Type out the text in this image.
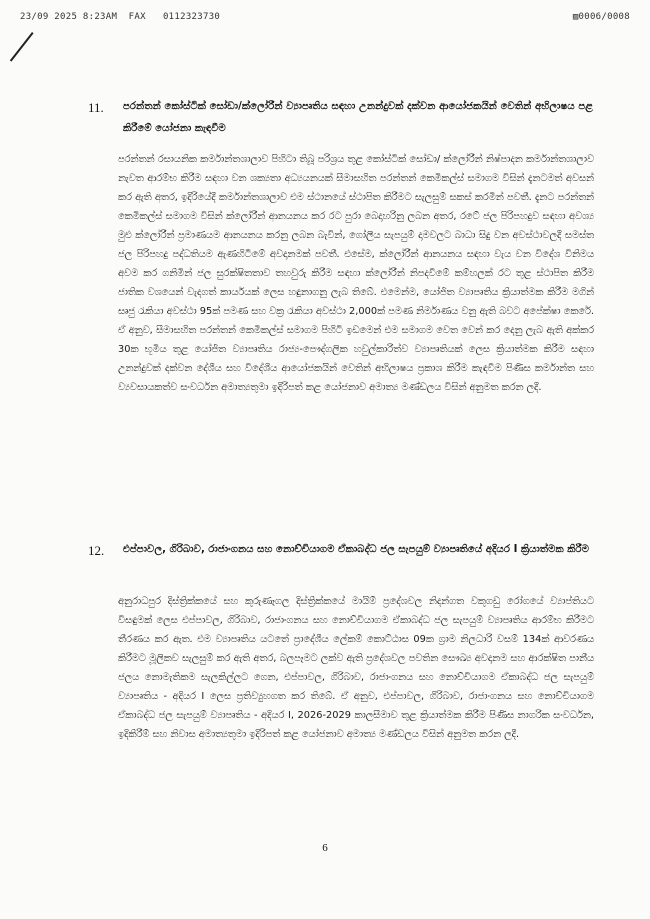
23/09 2025 8:23AM  FAX   0112323730	▨0006/0008
11. පරන්තන් කෝස්ටික් සෝඩා/ක්ලෝරීන් ව්‍යාපෘතිය සඳහා උනන්දුවක් දක්වන ආයෝජකයින් වෙතින් අභිලාෂය පළ කිරීමේ යෝජනා කැඳවීම
පරන්තන් රසායනික කර්මාන්තශාලාව පිහිටා තිබූ පරිශ්‍රය තුළ කෝස්ටික් සෝඩා/ ක්ලෝරීන් නිෂ්පාදන කර්මාන්තශාලාව නැවත ආරම්භ කිරීම සඳහා වන ශක්‍යතා අධ්‍යයනයක් සීමාසහිත පරන්තන් කෙමිකල්ස් සමාගම විසින් දැනටමත් අවසන් කර ඇති අතර, ඉදිරියේදී කර්මාන්තශාලාව එම ස්ථානයේ ස්ථාපිත කිරීමට සැලසුම් සකස් කරමින් පවතී. දැනට පරන්තන් කෙමිකල්ස් සමාගම විසින් ක්ලෝරීන් ආනයනය කර රට පුරා බෙදාහරිනු ලබන අතර, රටේ ජල පිරිපහදුව සඳහා අවශ්‍ය මුළු ක්ලෝරීන් ප්‍රමාණයම ආනයනය කරනු ලබන බැවින්, ගෝලීය සැපයුම් දාමවලට බාධා සිදු වන අවස්ථාවලදී සමස්ත ජල පිරිපහදු පද්ධතියම ඇණහිටීමේ අවදානමක් පවතී. එසේම, ක්ලෝරීන් ආනයනය සඳහා වැය වන විදේශ විනිමය අවම කර ගනිමින් ජල සුරක්ෂිතතාව තහවුරු කිරීම සඳහා ක්ලෝරීන් නිපදවීමේ කම්හලක් රට තුළ ස්ථාපිත කිරීම ජාතික වශයෙන් වැදගත් කාර්යයක් ලෙස හඳුනාගනු ලැබ තිබේ. එමෙන්ම, යෝජිත ව්‍යාපෘතිය ක්‍රියාත්මක කිරීම මගින් සෘජු රැකියා අවස්ථා 95ක් පමණ සහ වක්‍ර රැකියා අවස්ථා 2,000ක් පමණ නිර්මාණය වනු ඇති බවට අපේක්ෂා කෙරේ. ඒ අනුව, සීමාසහිත පරන්තන් කෙමිකල්ස් සමාගම පිහිටි ඉඩමෙන් එම සමාගම වෙත වෙන් කර දෙනු ලැබ ඇති අක්කර 30ක භූමිය තුළ යෝජිත ව්‍යාපෘතිය රාජ්‍ය-පෞද්ගලික හවුල්කාරිත්ව ව්‍යාපෘතියක් ලෙස ක්‍රියාත්මක කිරීම සඳහා උනන්දුවක් දක්වන දේශීය සහ විදේශීය ආයෝජකයින් වෙතින් අභිලාෂය ප්‍රකාශ කිරීම කැඳවීම පිණිස කර්මාන්ත සහ ව්‍යවසායකත්ව සංවර්ධන අමාත්‍යතුමා ඉදිරිපත් කළ යෝජනාව අමාත්‍ය මණ්ඩලය විසින් අනුමත කරන ලදී.
12. එප්පාවල, ගිරිබාව, රාජාංගනය සහ නොච්චියාගම ඒකාබද්ධ ජල සැපයුම් ව්‍යාපෘතියේ අදියර I ක්‍රියාත්මක කිරීම
අනුරාධපුර දිස්ත්‍රික්කයේ සහ කුරුණෑගල දිස්ත්‍රික්කයේ මායිම් ප්‍රදේශවල නිදන්ගත වකුගඩු රෝගයේ ව්‍යාප්තියට විසඳුමක් ලෙස එප්පාවල, ගිරිබාව, රාජාංගනය සහ නොච්චියාගම ඒකාබද්ධ ජල සැපයුම් ව්‍යාපෘතිය ආරම්භ කිරීමට තීරණය කර ඇත. එම ව්‍යාපෘතිය යටතේ ප්‍රාදේශීය ලේකම් කොට්ඨාස 09ක ග්‍රාම නිලධාරි වසම් 134ක් ආවරණය කිරීමට මූලිකව සැලසුම් කර ඇති අතර, බලපෑමට ලක්ව ඇති ප්‍රදේශවල පවතින සෞඛ්‍ය අවදානම සහ ආරක්ෂිත පානීය ජලය නොමැතිකම සැලකිල්ලට ගෙන, එප්පාවල, ගිරිබාව, රාජාංගනය සහ නොච්චියාගම ඒකාබද්ධ ජල සැපයුම් ව්‍යාපෘතිය - අදියර I ලෙස ප්‍රතිව්‍යුහගත කර තිබේ. ඒ අනුව, එප්පාවල, ගිරිබාව, රාජාංගනය සහ නොච්චියාගම ඒකාබද්ධ ජල සැපයුම් ව්‍යාපෘතිය - අදියර I, 2026-2029 කාලසීමාව තුළ ක්‍රියාත්මක කිරීම පිණිස නාගරික සංවර්ධන, ඉදිකිරීම් සහ නිවාස අමාත්‍යතුමා ඉදිරිපත් කළ යෝජනාව අමාත්‍ය මණ්ඩලය විසින් අනුමත කරන ලදී.
6
